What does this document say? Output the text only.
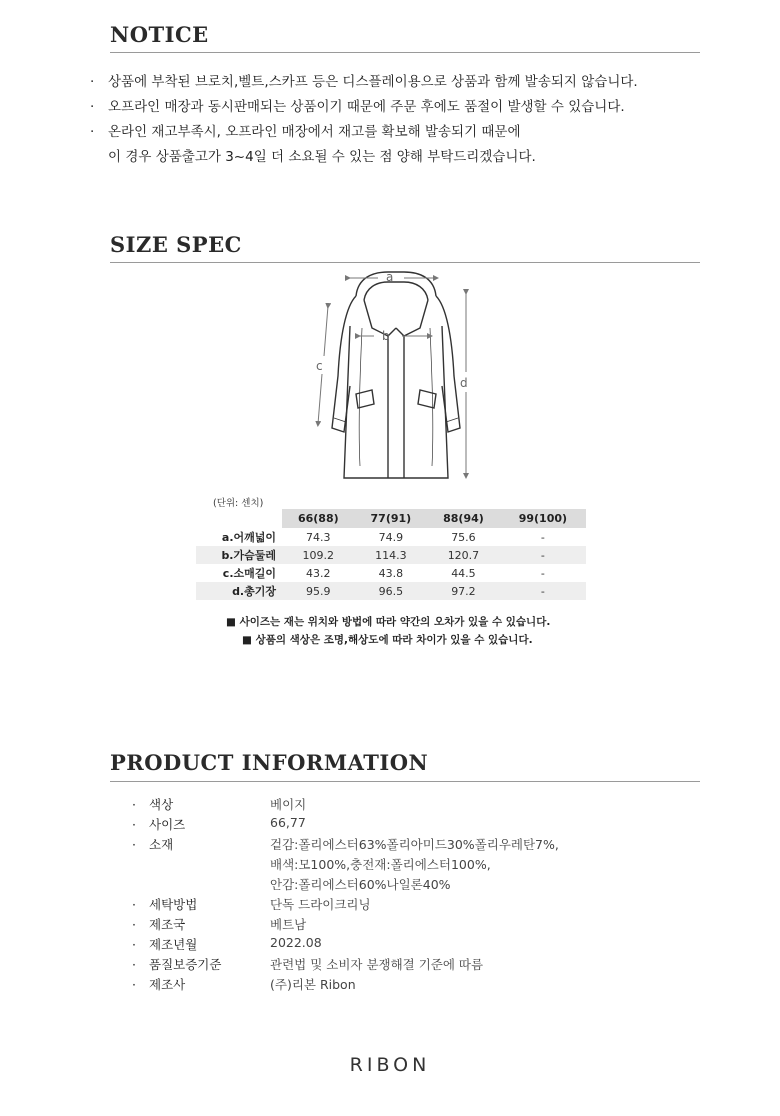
NOTICE
· 상품에 부착된 브로치,벨트,스카프 등은 디스플레이용으로 상품과 함께 발송되지 않습니다.
· 오프라인 매장과 동시판매되는 상품이기 때문에 주문 후에도 품절이 발생할 수 있습니다.
· 온라인 재고부족시, 오프라인 매장에서 재고를 확보해 발송되기 때문에
이 경우 상품출고가 3~4일 더 소요될 수 있는 점 양해 부탁드리겠습니다.
SIZE SPEC
a
b
c
d
(단위: 센치)
	66(88)	77(91)	88(94)	99(100)
a.어깨넓이	74.3	74.9	75.6	-
b.가슴둘레	109.2	114.3	120.7	-
c.소매길이	43.2	43.8	44.5	-
d.총기장	95.9	96.5	97.2	-
■ 사이즈는 재는 위치와 방법에 따라 약간의 오차가 있을 수 있습니다.
■ 상품의 색상은 조명,해상도에 따라 차이가 있을 수 있습니다.
PRODUCT INFORMATION
· 색상	베이지
· 사이즈	66,77
· 소재	겉감:폴리에스터63%폴리아미드30%폴리우레탄7%,
배색:모100%,충전재:폴리에스터100%,
안감:폴리에스터60%나일론40%
· 세탁방법	단독 드라이크리닝
· 제조국	베트남
· 제조년월	2022.08
· 품질보증기준	관련법 및 소비자 분쟁해결 기준에 따름
· 제조사	(주)리본 Ribon
RIBON
